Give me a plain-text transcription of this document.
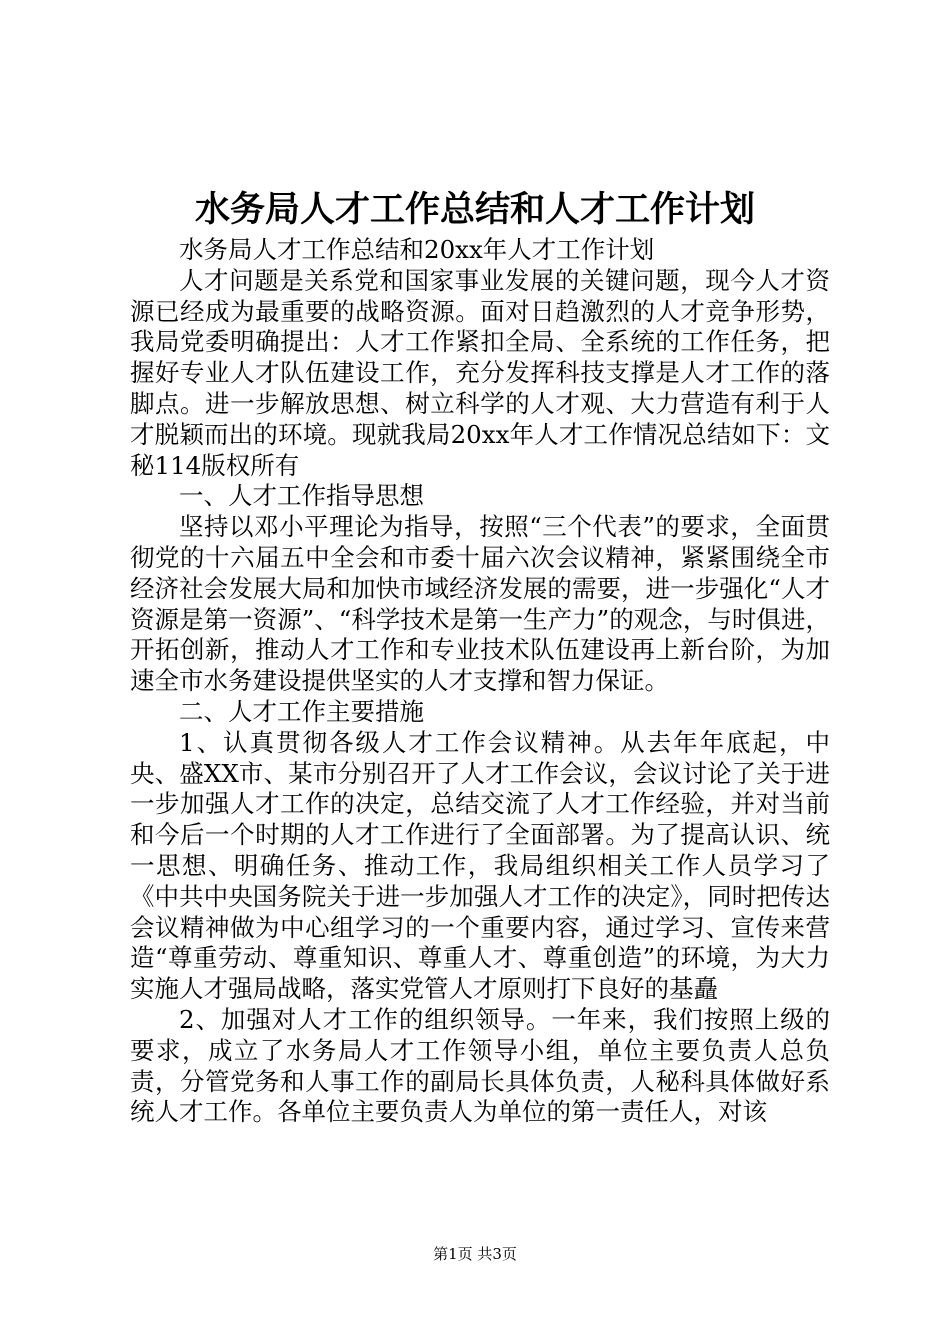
水务局人才工作总结和人才工作计划

水务局人才工作总结和20xx年人才工作计划

人才问题是关系党和国家事业发展的关键问题，现今人才资源已经成为最重要的战略资源。面对日趋激烈的人才竞争形势，我局党委明确提出：人才工作紧扣全局、全系统的工作任务，把握好专业人才队伍建设工作，充分发挥科技支撑是人才工作的落脚点。进一步解放思想、树立科学的人才观、大力营造有利于人才脱颖而出的环境。现就我局20xx年人才工作情况总结如下：文秘114版权所有

一、人才工作指导思想

坚持以邓小平理论为指导，按照“三个代表”的要求，全面贯彻党的十六届五中全会和市委十届六次会议精神，紧紧围绕全市经济社会发展大局和加快市域经济发展的需要，进一步强化“人才资源是第一资源”、“科学技术是第一生产力”的观念，与时俱进，开拓创新，推动人才工作和专业技术队伍建设再上新台阶，为加速全市水务建设提供坚实的人才支撑和智力保证。

二、人才工作主要措施

1、认真贯彻各级人才工作会议精神。从去年年底起，中央、盛XX市、某市分别召开了人才工作会议，会议讨论了关于进一步加强人才工作的决定，总结交流了人才工作经验，并对当前和今后一个时期的人才工作进行了全面部署。为了提高认识、统一思想、明确任务、推动工作，我局组织相关工作人员学习了《中共中央国务院关于进一步加强人才工作的决定》，同时把传达会议精神做为中心组学习的一个重要内容，通过学习、宣传来营造“尊重劳动、尊重知识、尊重人才、尊重创造”的环境，为大力实施人才强局战略，落实党管人才原则打下良好的基矗

2、加强对人才工作的组织领导。一年来，我们按照上级的要求，成立了水务局人才工作领导小组，单位主要负责人总负责，分管党务和人事工作的副局长具体负责，人秘科具体做好系统人才工作。各单位主要负责人为单位的第一责任人，对该

第1页 共3页
